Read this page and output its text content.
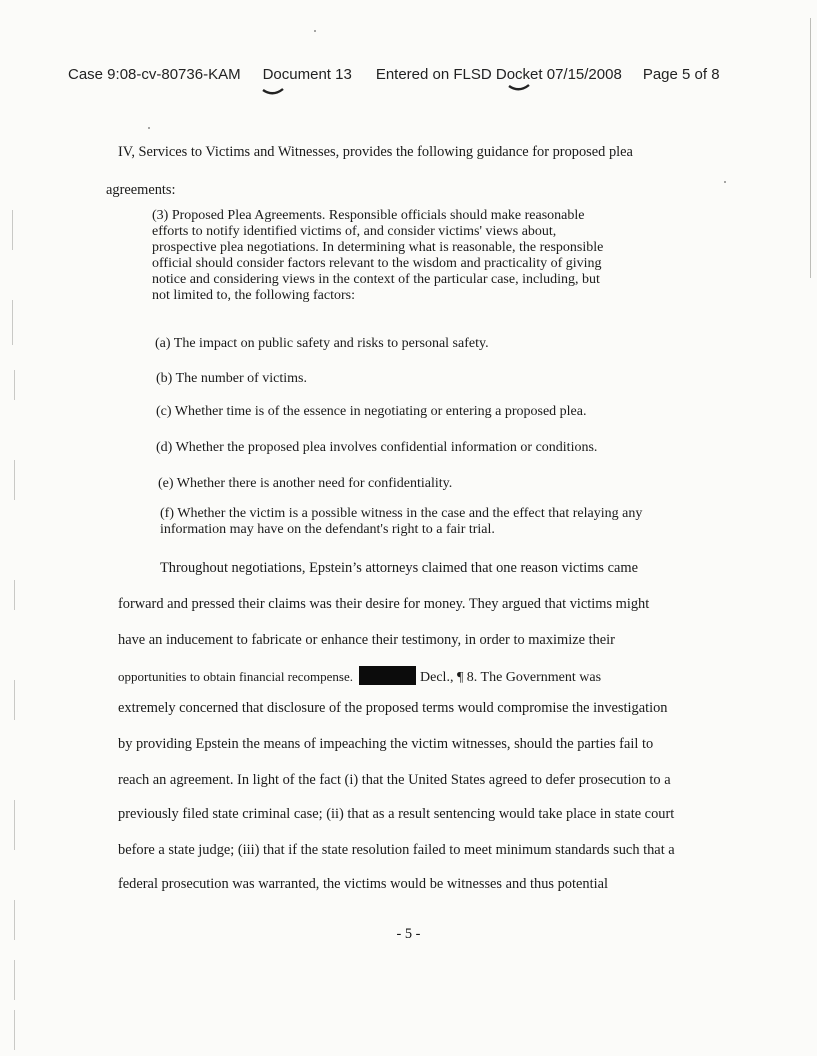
Case 9:08-cv-80736-KAM Document 13 Entered on FLSD Docket 07/15/2008 Page 5 of 8
IV, Services to Victims and Witnesses, provides the following guidance for proposed plea
agreements:
(3) Proposed Plea Agreements. Responsible officials should make reasonable
efforts to notify identified victims of, and consider victims' views about,
prospective plea negotiations. In determining what is reasonable, the responsible
official should consider factors relevant to the wisdom and practicality of giving
notice and considering views in the context of the particular case, including, but
not limited to, the following factors:
(a) The impact on public safety and risks to personal safety.
(b) The number of victims.
(c) Whether time is of the essence in negotiating or entering a proposed plea.
(d) Whether the proposed plea involves confidential information or conditions.
(e) Whether there is another need for confidentiality.
(f) Whether the victim is a possible witness in the case and the effect that relaying any
information may have on the defendant's right to a fair trial.
Throughout negotiations, Epstein’s attorneys claimed that one reason victims came
forward and pressed their claims was their desire for money. They argued that victims might
have an inducement to fabricate or enhance their testimony, in order to maximize their
opportunities to obtain financial recompense.	Decl., ¶ 8. The Government was
extremely concerned that disclosure of the proposed terms would compromise the investigation
by providing Epstein the means of impeaching the victim witnesses, should the parties fail to
reach an agreement. In light of the fact (i) that the United States agreed to defer prosecution to a
previously filed state criminal case; (ii) that as a result sentencing would take place in state court
before a state judge; (iii) that if the state resolution failed to meet minimum standards such that a
federal prosecution was warranted, the victims would be witnesses and thus potential
- 5 -
